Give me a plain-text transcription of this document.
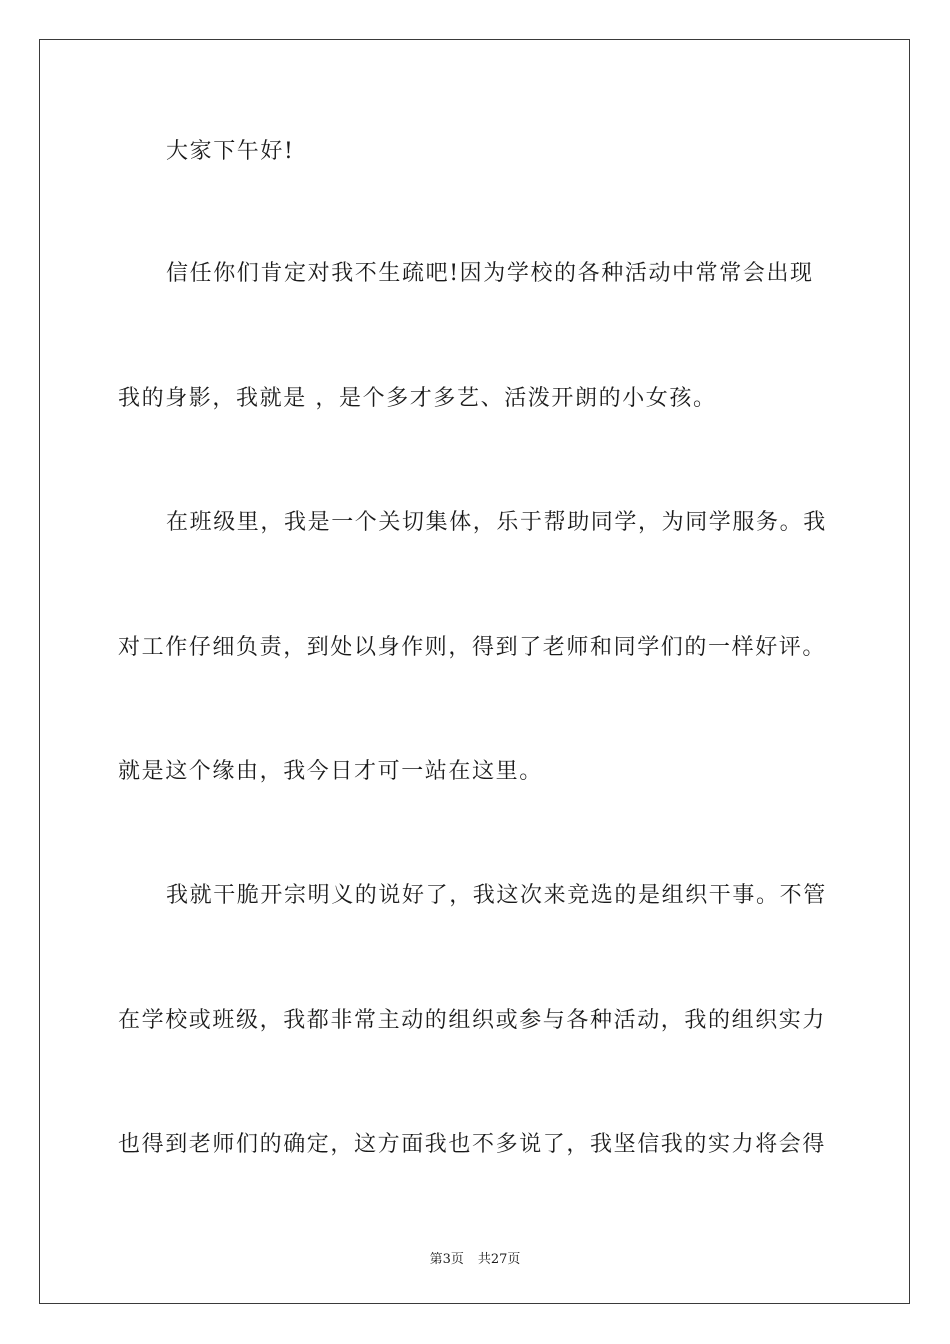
大家下午好!
信任你们肯定对我不生疏吧!因为学校的各种活动中常常会出现
我的身影，我就是 ，是个多才多艺、活泼开朗的小女孩。
在班级里，我是一个关切集体，乐于帮助同学，为同学服务。我
对工作仔细负责，到处以身作则，得到了老师和同学们的一样好评。
就是这个缘由，我今日才可一站在这里。
我就干脆开宗明义的说好了，我这次来竞选的是组织干事。不管
在学校或班级，我都非常主动的组织或参与各种活动，我的组织实力
也得到老师们的确定，这方面我也不多说了，我坚信我的实力将会得
第3页 共27页
